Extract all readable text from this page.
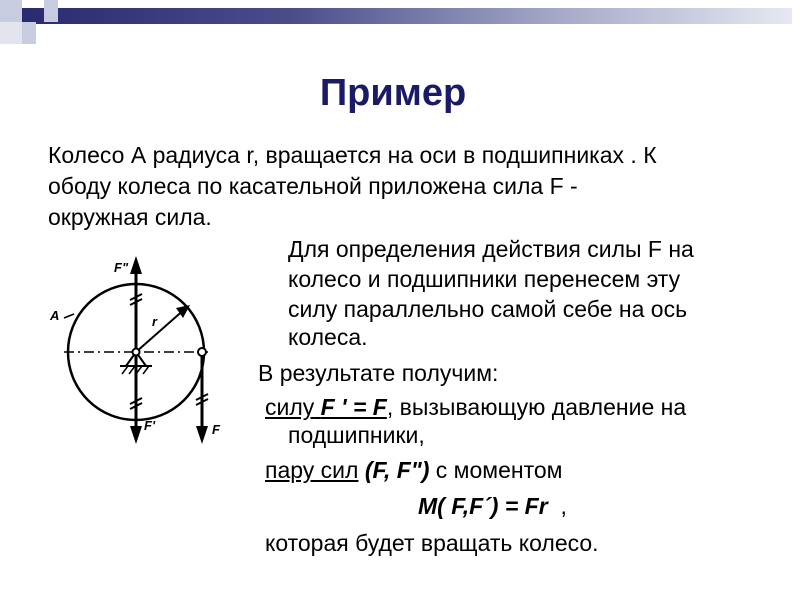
Пример
Колесо А радиуса r, вращается на оси в подшипниках . К
ободу колеса по касательной приложена сила F -
окружная сила.
Для определения действия силы F на
колесо и подшипники перенесем эту
силу параллельно самой себе на ось
колеса.
В результате получим:
силу F ' = F, вызывающую давление на
подшипники,
пару сил (F, F") с моментом
M( F,F´) = Fr ,
которая будет вращать колесо.
F"
A	r
F'	F
